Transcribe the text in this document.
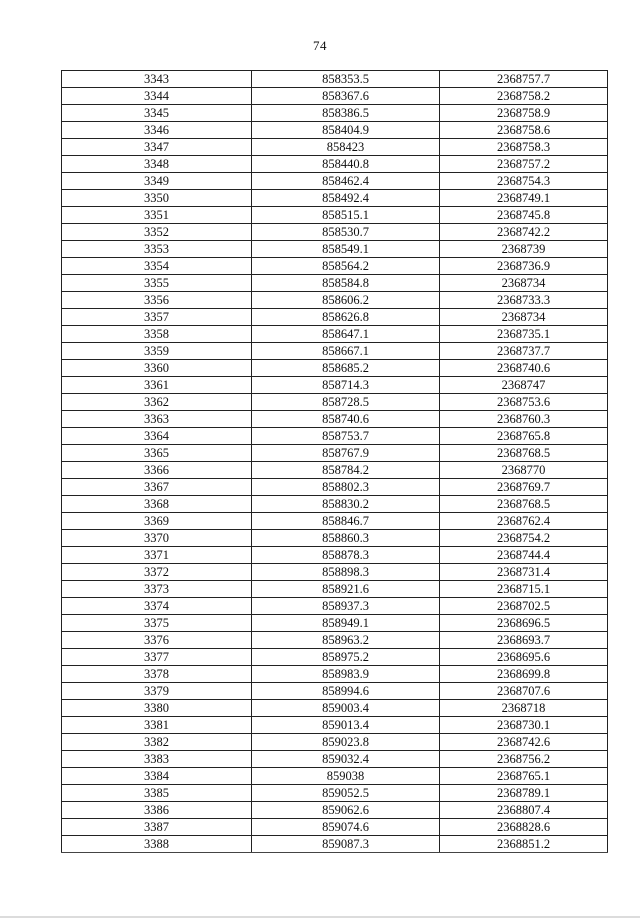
74
3343	858353.5	2368757.7
3344	858367.6	2368758.2
3345	858386.5	2368758.9
3346	858404.9	2368758.6
3347	858423	2368758.3
3348	858440.8	2368757.2
3349	858462.4	2368754.3
3350	858492.4	2368749.1
3351	858515.1	2368745.8
3352	858530.7	2368742.2
3353	858549.1	2368739
3354	858564.2	2368736.9
3355	858584.8	2368734
3356	858606.2	2368733.3
3357	858626.8	2368734
3358	858647.1	2368735.1
3359	858667.1	2368737.7
3360	858685.2	2368740.6
3361	858714.3	2368747
3362	858728.5	2368753.6
3363	858740.6	2368760.3
3364	858753.7	2368765.8
3365	858767.9	2368768.5
3366	858784.2	2368770
3367	858802.3	2368769.7
3368	858830.2	2368768.5
3369	858846.7	2368762.4
3370	858860.3	2368754.2
3371	858878.3	2368744.4
3372	858898.3	2368731.4
3373	858921.6	2368715.1
3374	858937.3	2368702.5
3375	858949.1	2368696.5
3376	858963.2	2368693.7
3377	858975.2	2368695.6
3378	858983.9	2368699.8
3379	858994.6	2368707.6
3380	859003.4	2368718
3381	859013.4	2368730.1
3382	859023.8	2368742.6
3383	859032.4	2368756.2
3384	859038	2368765.1
3385	859052.5	2368789.1
3386	859062.6	2368807.4
3387	859074.6	2368828.6
3388	859087.3	2368851.2
